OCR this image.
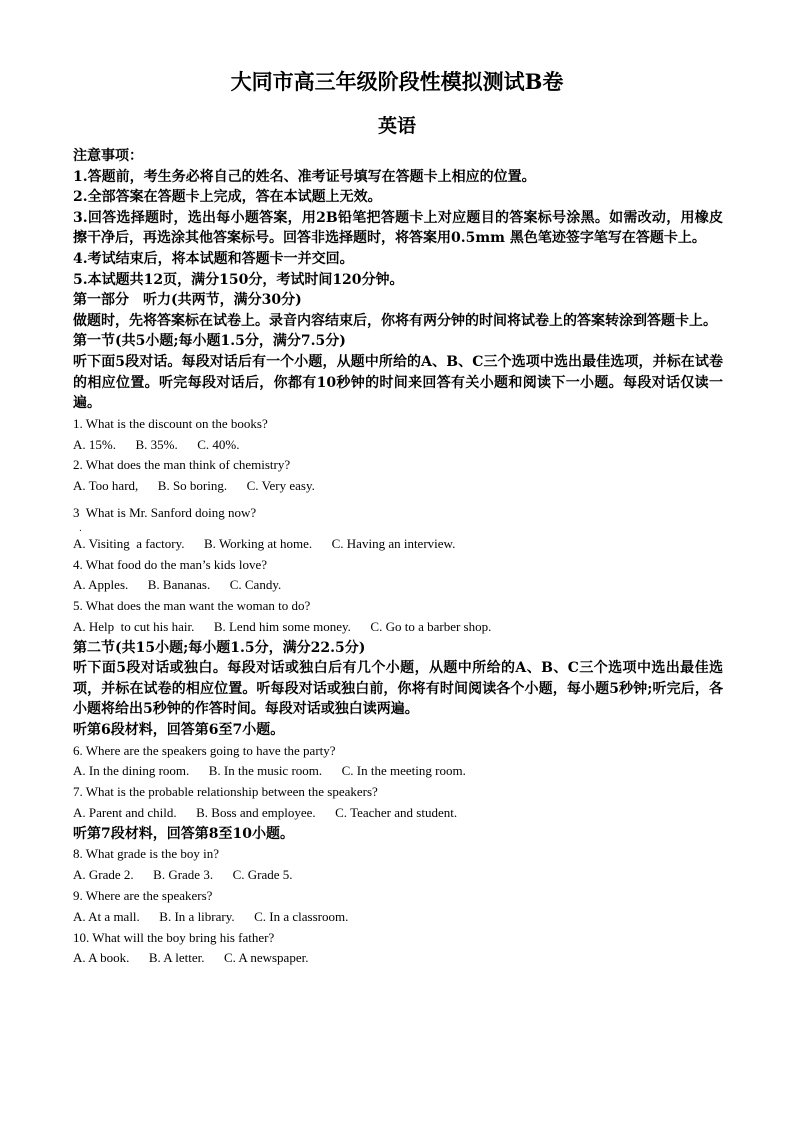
大同市高三年级阶段性模拟测试B卷
英语

注意事项：

1.答题前，考生务必将自己的姓名、准考证号填写在答题卡上相应的位置。

2.全部答案在答题卡上完成，答在本试题上无效。

3.回答选择题时，选出每小题答案，用2B铅笔把答题卡上对应题目的答案标号涂黑。如需改动，用橡皮擦干净后，再选涂其他答案标号。回答非选择题时，将答案用0.5mm 黑色笔迹签字笔写在答题卡上。

4.考试结束后，将本试题和答题卡一并交回。

5.本试题共12页，满分150分，考试时间120分钟。

第一部分　听力(共两节，满分30分)

做题时，先将答案标在试卷上。录音内容结束后，你将有两分钟的时间将试卷上的答案转涂到答题卡上。

第一节(共5小题;每小题1.5分，满分7.5分)

听下面5段对话。每段对话后有一个小题，从题中所给的A、B、C三个选项中选出最佳选项，并标在试卷的相应位置。听完每段对话后，你都有10秒钟的时间来回答有关小题和阅读下一小题。每段对话仅读一遍。

1. What is the discount on the books?

A. 15%.      B. 35%.      C. 40%.

2. What does the man think of chemistry?

A. Too hard,      B. So boring.      C. Very easy.

3  What is Mr. Sanford doing now?

.

A. Visiting  a factory.      B. Working at home.      C. Having an interview.

4. What food do the man’s kids love?

A. Apples.      B. Bananas.      C. Candy.

5. What does the man want the woman to do?

A. Help  to cut his hair.      B. Lend him some money.      C. Go to a barber shop.

第二节(共15小题;每小题1.5分，满分22.5分)

听下面5段对话或独白。每段对话或独白后有几个小题，从题中所给的A、B、C三个选项中选出最佳选项，并标在试卷的相应位置。听每段对话或独白前，你将有时间阅读各个小题，每小题5秒钟;听完后，各小题将给出5秒钟的作答时间。每段对话或独白读两遍。

听第6段材料，回答第6至7小题。

6. Where are the speakers going to have the party?

A. In the dining room.      B. In the music room.      C. In the meeting room.

7. What is the probable relationship between the speakers?

A. Parent and child.      B. Boss and employee.      C. Teacher and student.

听第7段材料，回答第8至10小题。

8. What grade is the boy in?

A. Grade 2.      B. Grade 3.      C. Grade 5.

9. Where are the speakers?

A. At a mall.      B. In a library.      C. In a classroom.

10. What will the boy bring his father?

A. A book.      B. A letter.      C. A newspaper.
